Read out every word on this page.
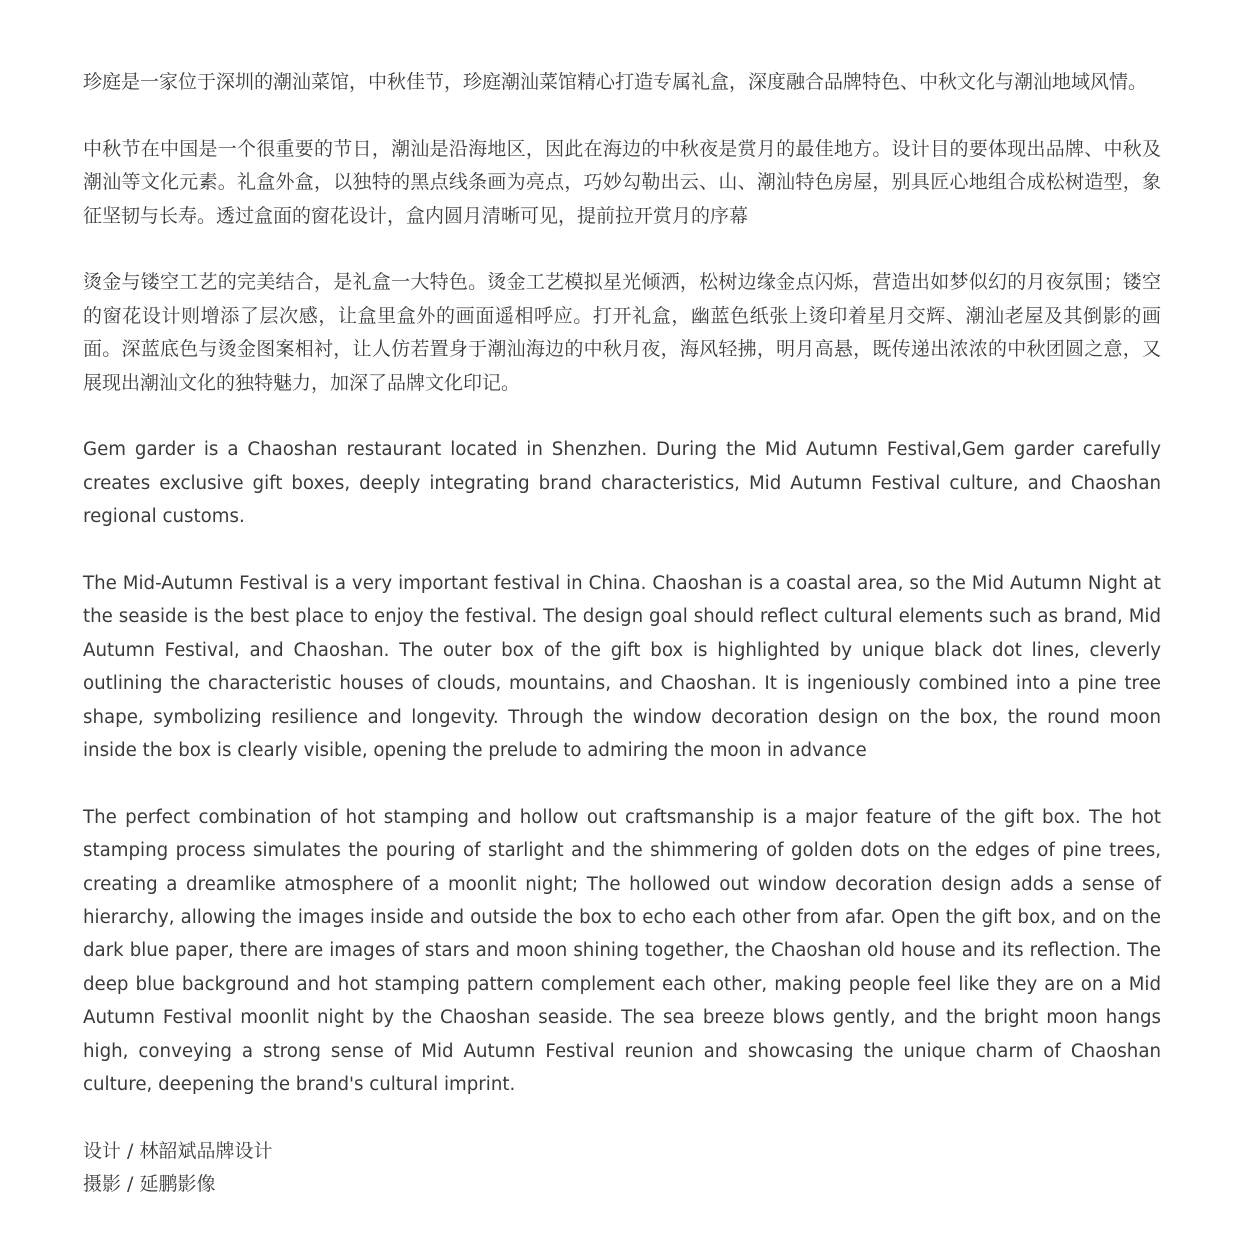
珍庭是一家位于深圳的潮汕菜馆，中秋佳节，珍庭潮汕菜馆精心打造专属礼盒，深度融合品牌特色、中秋文化与潮汕地域风情。

中秋节在中国是一个很重要的节日，潮汕是沿海地区，因此在海边的中秋夜是赏月的最佳地方。设计目的要体现出品牌、中秋及潮汕等文化元素。礼盒外盒，以独特的黑点线条画为亮点，巧妙勾勒出云、山、潮汕特色房屋，别具匠心地组合成松树造型，象征坚韧与长寿。透过盒面的窗花设计，盒内圆月清晰可见，提前拉开赏月的序幕

烫金与镂空工艺的完美结合，是礼盒一大特色。烫金工艺模拟星光倾洒，松树边缘金点闪烁，营造出如梦似幻的月夜氛围；镂空的窗花设计则增添了层次感，让盒里盒外的画面遥相呼应。打开礼盒，幽蓝色纸张上烫印着星月交辉、潮汕老屋及其倒影的画面。深蓝底色与烫金图案相衬，让人仿若置身于潮汕海边的中秋月夜，海风轻拂，明月高悬，既传递出浓浓的中秋团圆之意，又展现出潮汕文化的独特魅力，加深了品牌文化印记。

Gem garder is a Chaoshan restaurant located in Shenzhen. During the Mid Autumn Festival,Gem garder carefully creates exclusive gift boxes, deeply integrating brand characteristics, Mid Autumn Festival culture, and Chaoshan regional customs.

The Mid-Autumn Festival is a very important festival in China. Chaoshan is a coastal area, so the Mid Autumn Night at the seaside is the best place to enjoy the festival. The design goal should reflect cultural elements such as brand, Mid Autumn Festival, and Chaoshan. The outer box of the gift box is highlighted by unique black dot lines, cleverly outlining the characteristic houses of clouds, mountains, and Chaoshan. It is ingeniously combined into a pine tree shape, symbolizing resilience and longevity. Through the window decoration design on the box, the round moon inside the box is clearly visible, opening the prelude to admiring the moon in advance

The perfect combination of hot stamping and hollow out craftsmanship is a major feature of the gift box. The hot stamping process simulates the pouring of starlight and the shimmering of golden dots on the edges of pine trees, creating a dreamlike atmosphere of a moonlit night; The hollowed out window decoration design adds a sense of hierarchy, allowing the images inside and outside the box to echo each other from afar. Open the gift box, and on the dark blue paper, there are images of stars and moon shining together, the Chaoshan old house and its reflection. The deep blue background and hot stamping pattern complement each other, making people feel like they are on a Mid Autumn Festival moonlit night by the Chaoshan seaside. The sea breeze blows gently, and the bright moon hangs high, conveying a strong sense of Mid Autumn Festival reunion and showcasing the unique charm of Chaoshan culture, deepening the brand's cultural imprint.

设计 / 林韶斌品牌设计
摄影 / 延鹏影像
